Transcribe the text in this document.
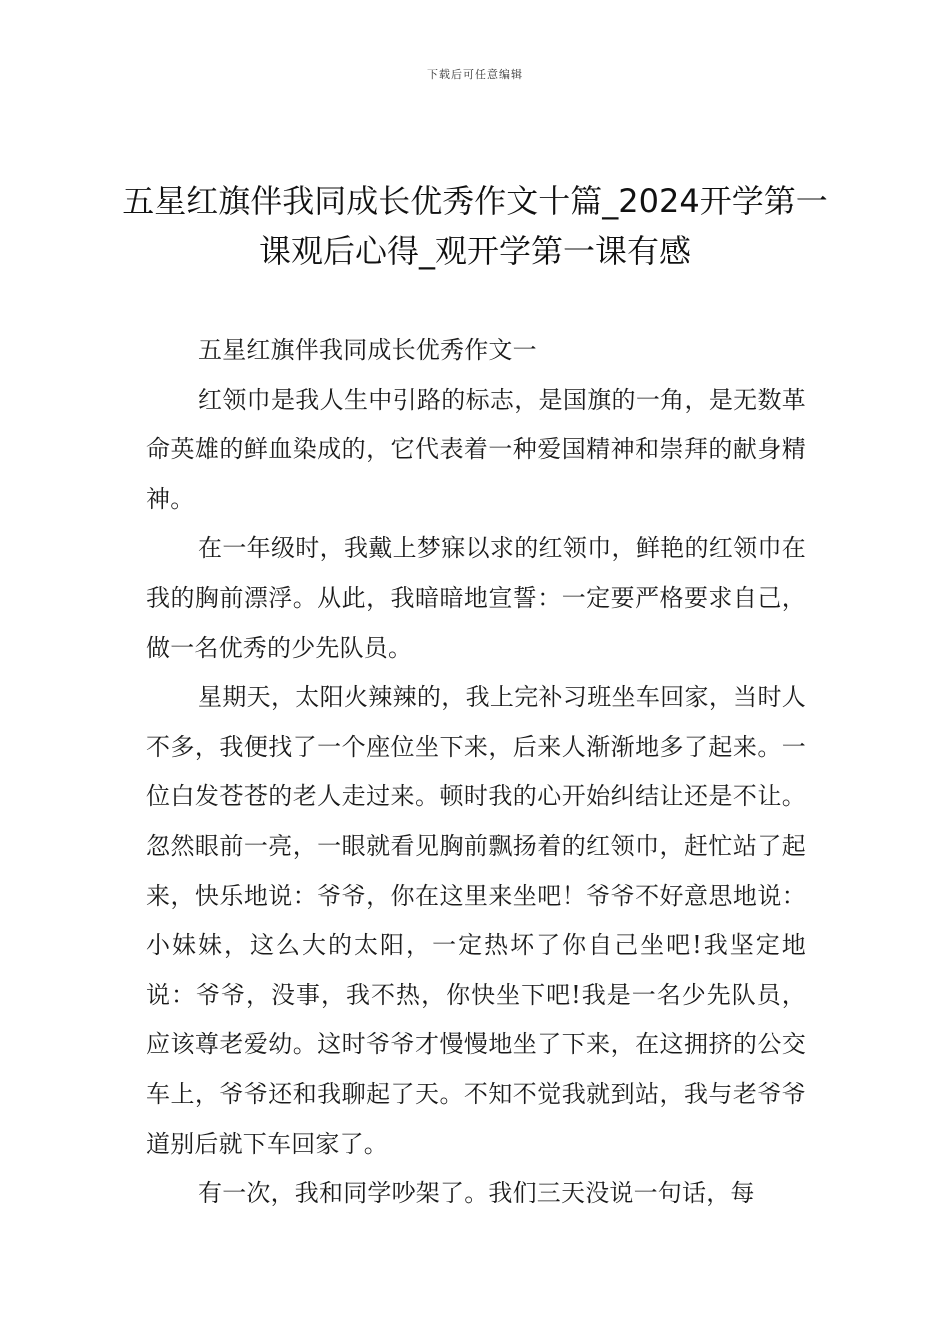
下载后可任意编辑
五星红旗伴我同成长优秀作文十篇_2024开学第一课观后心得_观开学第一课有感

五星红旗伴我同成长优秀作文一

红领巾是我人生中引路的标志，是国旗的一角，是无数革命英雄的鲜血染成的，它代表着一种爱国精神和崇拜的献身精神。

在一年级时，我戴上梦寐以求的红领巾，鲜艳的红领巾在我的胸前漂浮。从此，我暗暗地宣誓：一定要严格要求自己，做一名优秀的少先队员。

星期天，太阳火辣辣的，我上完补习班坐车回家，当时人不多，我便找了一个座位坐下来，后来人渐渐地多了起来。一位白发苍苍的老人走过来。顿时我的心开始纠结让还是不让。忽然眼前一亮，一眼就看见胸前飘扬着的红领巾，赶忙站了起来，快乐地说：爷爷，你在这里来坐吧！爷爷不好意思地说：小妹妹，这么大的太阳，一定热坏了你自己坐吧!我坚定地说：爷爷，没事，我不热，你快坐下吧!我是一名少先队员，应该尊老爱幼。这时爷爷才慢慢地坐了下来，在这拥挤的公交车上，爷爷还和我聊起了天。不知不觉我就到站，我与老爷爷道别后就下车回家了。

有一次，我和同学吵架了。我们三天没说一句话，每
